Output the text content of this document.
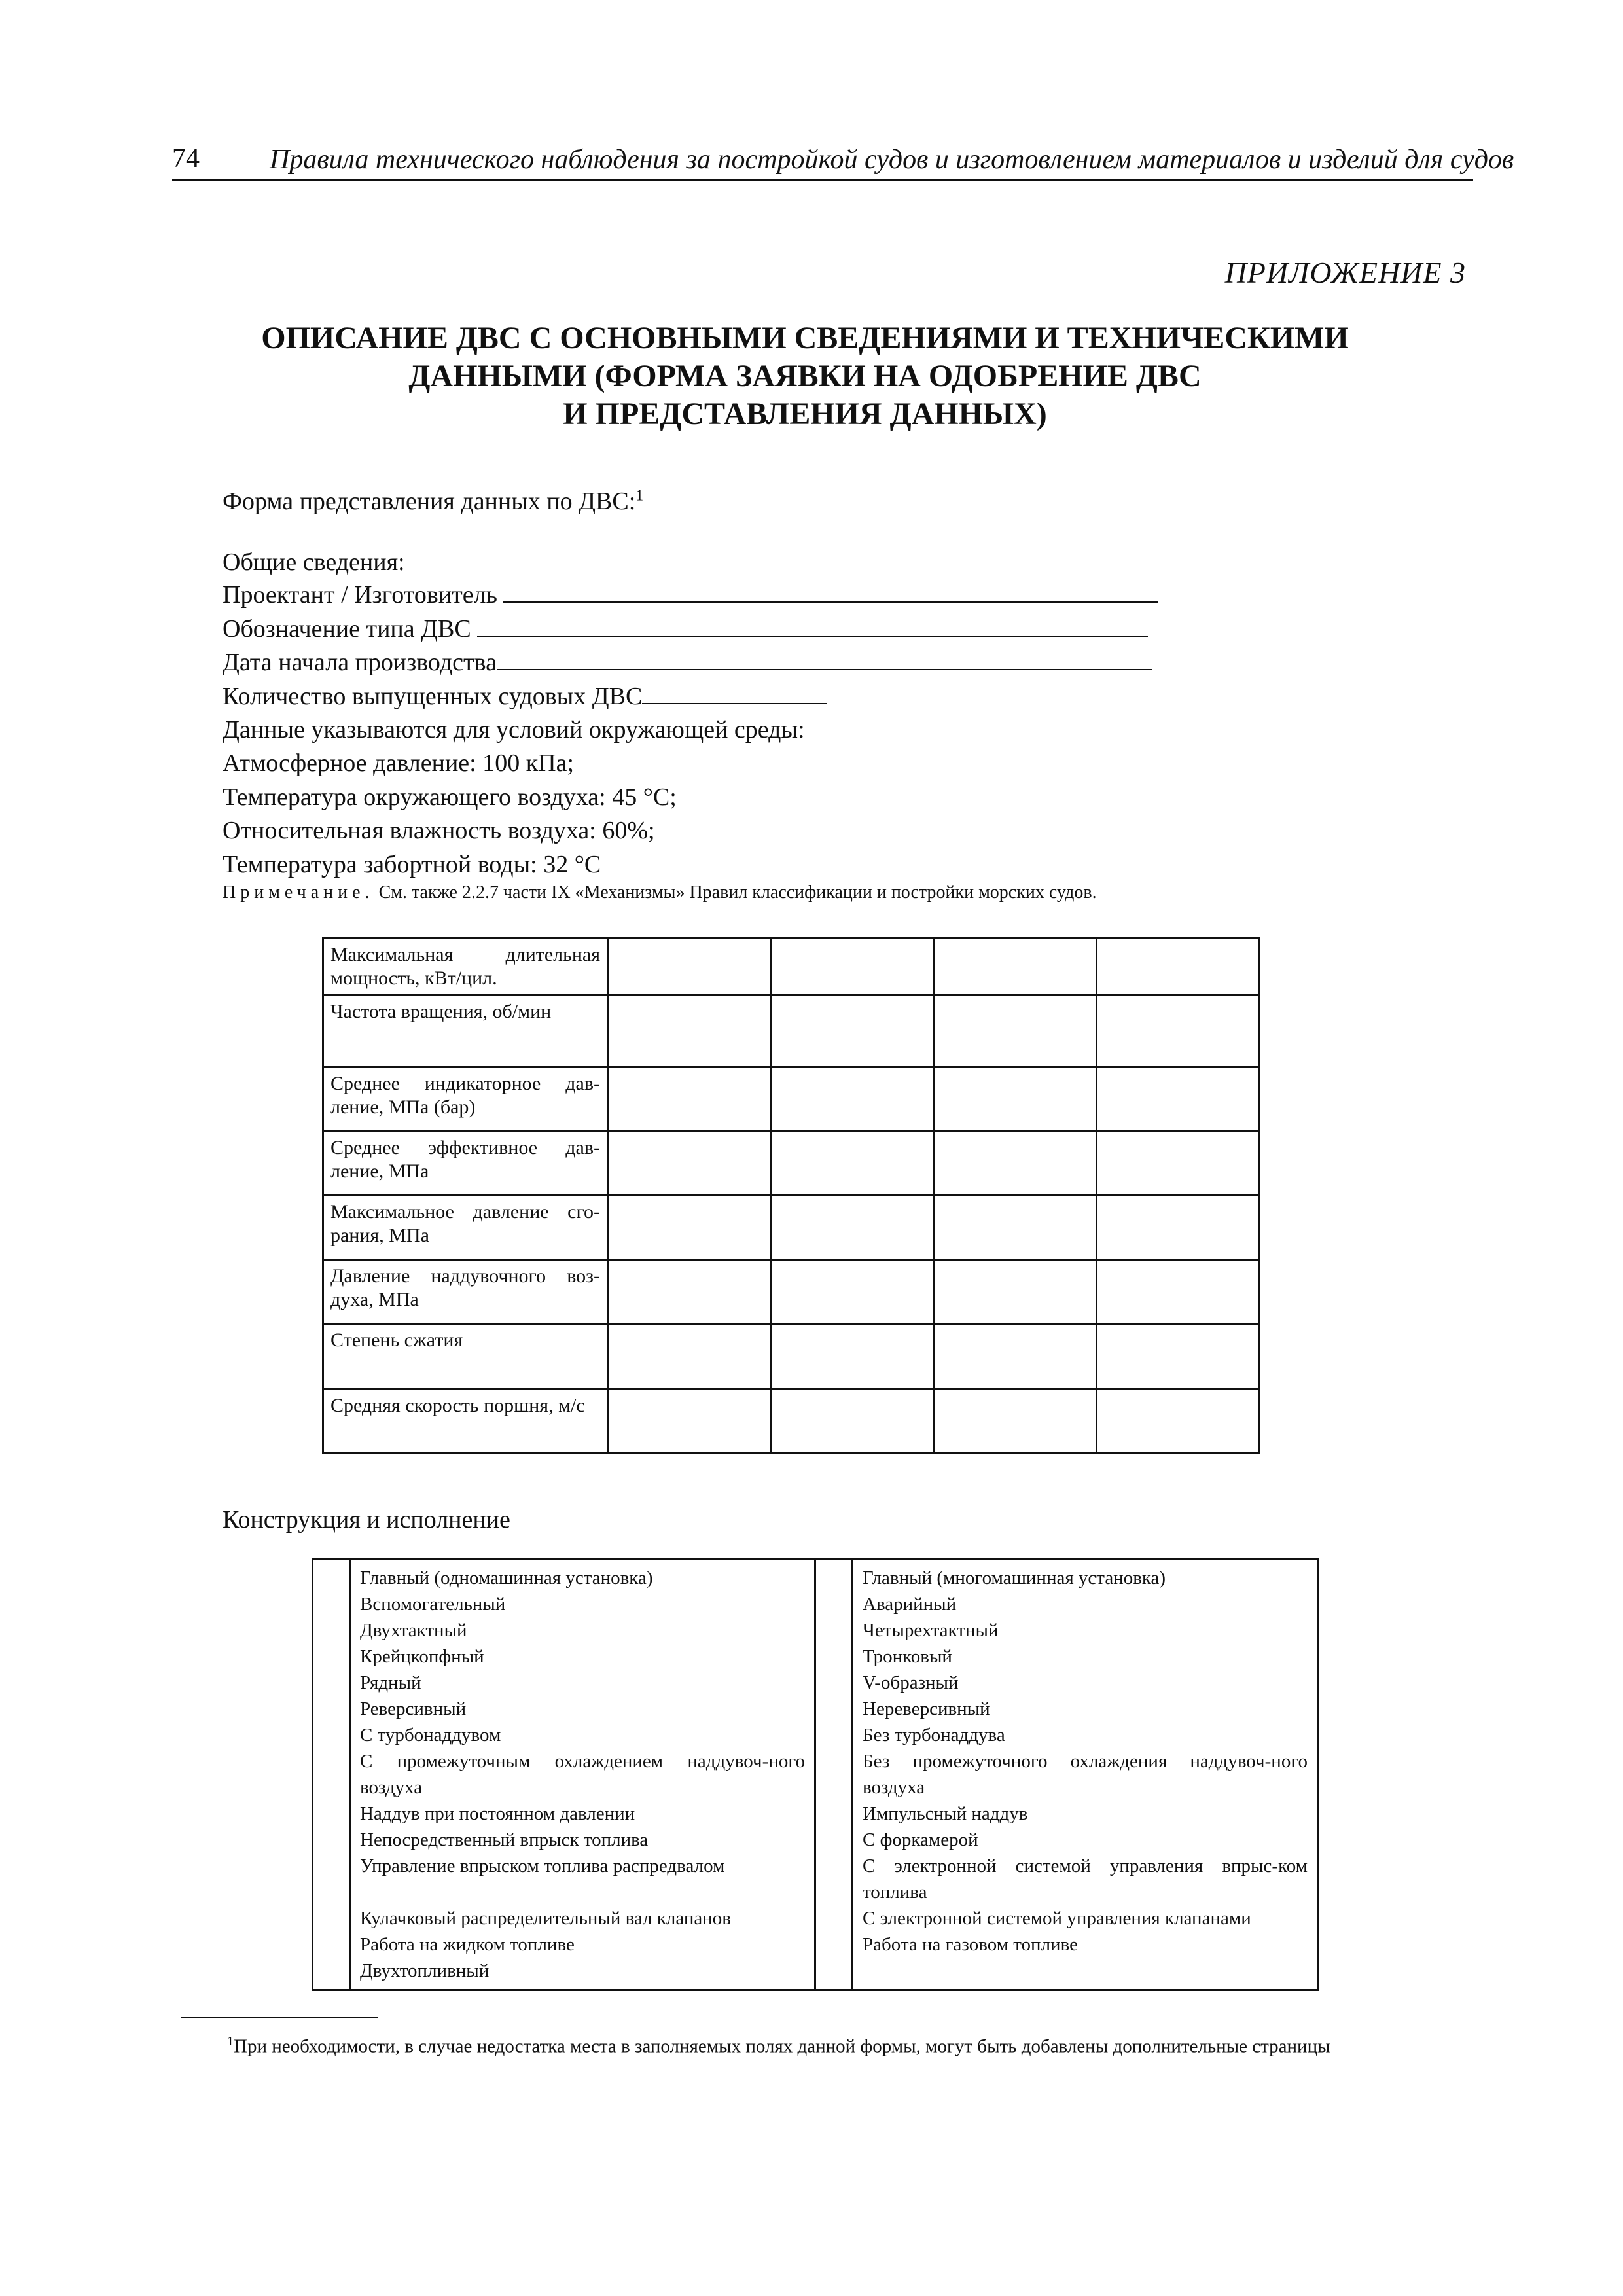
74	Правила технического наблюдения за постройкой судов и изготовлением материалов и изделий для судов
ПРИЛОЖЕНИЕ 3
ОПИСАНИЕ ДВС С ОСНОВНЫМИ СВЕДЕНИЯМИ И ТЕХНИЧЕСКИМИ
ДАННЫМИ (ФОРМА ЗАЯВКИ НА ОДОБРЕНИЕ ДВС
И ПРЕДСТАВЛЕНИЯ ДАННЫХ)
Форма представления данных по ДВС:$^1$
Общие сведения:
Проектант / Изготовитель
Обозначение типа ДВС
Дата начала производства
Количество выпущенных судовых ДВС
Данные указываются для условий окружающей среды:
Атмосферное давление: 100 кПа;
Температура окружающего воздуха: 45 °С;
Относительная влажность воздуха: 60%;
Температура забортной воды: 32 °С
Примечание. См. также 2.2.7 части IX «Механизмы» Правил классификации и постройки морских судов.
Максимальная длительная мощность, кВт/цил.				
Частота вращения, об/мин				
Среднее индикаторное дав-ление, МПа (бар)				
Среднее эффективное дав-ление, МПа				
Максимальное давление сго-рания, МПа				
Давление наддувочного воз-духа, МПа				
Степень сжатия				
Средняя скорость поршня, м/с				
Конструкция и исполнение

Главный (одномашинная установка)
Вспомогательный
Двухтактный
Крейцкопфный
Рядный
Реверсивный
С турбонаддувом
С промежуточным охлаждением наддувоч-ного воздуха
Наддув при постоянном давлении
Непосредственный впрыск топлива
Управление впрыском топлива распредвалом

Кулачковый распределительный вал клапанов
Работа на жидком топливе
Двухтопливный

Главный (многомашинная установка)
Аварийный
Четырехтактный
Тронковый
V-образный
Нереверсивный
Без турбонаддува
Без промежуточного охлаждения наддувоч-ного воздуха
Импульсный наддув
С форкамерой
С электронной системой управления впрыс-ком топлива
С электронной системой управления клапанами
Работа на газовом топливе
$^1$При необходимости, в случае недостатка места в заполняемых полях данной формы, могут быть добавлены дополнительные страницы
